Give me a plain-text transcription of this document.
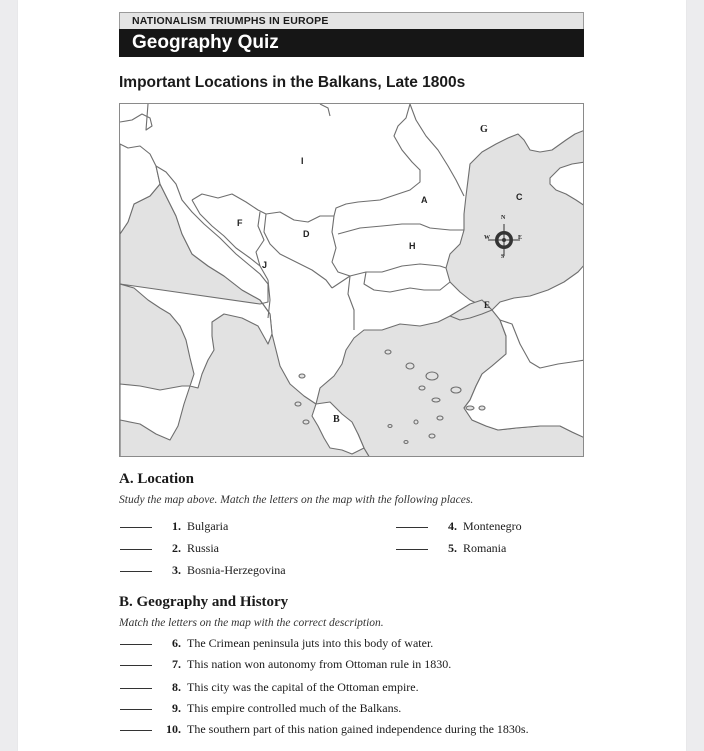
NATIONALISM TRIUMPHS IN EUROPE
Geography Quiz
Important Locations in the Balkans, Late 1800s
N
S
E
W
A
B
C
D
E
F
G
H
I
J
A. Location
Study the map above. Match the letters on the map with the following places.
1. Bulgaria
2. Russia
3. Bosnia-Herzegovina
4. Montenegro
5. Romania
B. Geography and History
Match the letters on the map with the correct description.
6. The Crimean peninsula juts into this body of water.
7. This nation won autonomy from Ottoman rule in 1830.
8. This city was the capital of the Ottoman empire.
9. This empire controlled much of the Balkans.
10. The southern part of this nation gained independence during the 1830s.
